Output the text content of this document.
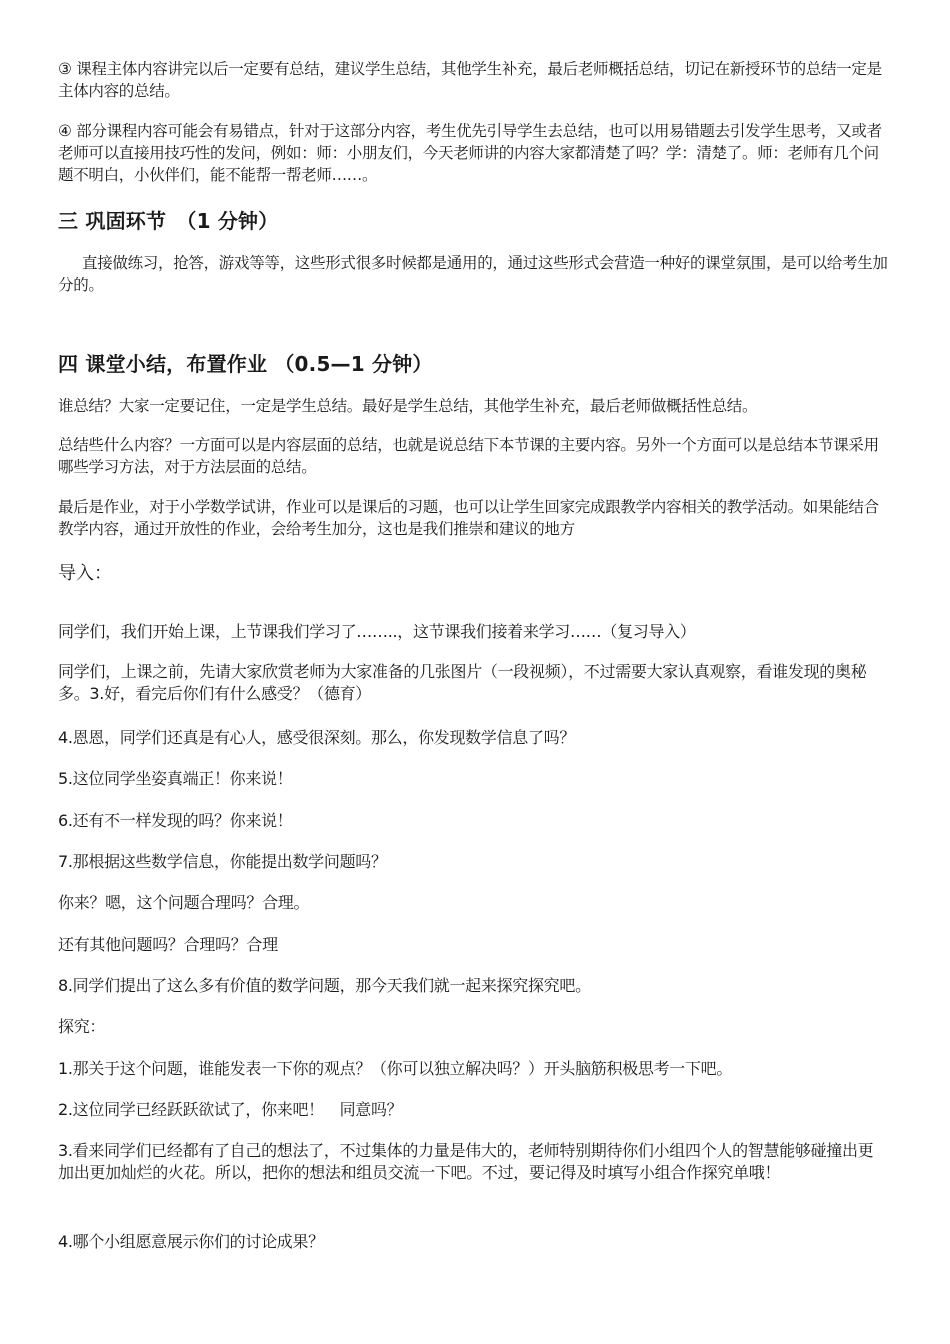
③ 课程主体内容讲完以后一定要有总结，建议学生总结，其他学生补充，最后老师概括总结，切记在新授环节的总结一定是主体内容的总结。

④ 部分课程内容可能会有易错点，针对于这部分内容，考生优先引导学生去总结，也可以用易错题去引发学生思考，又或者老师可以直接用技巧性的发问，例如：师：小朋友们，今天老师讲的内容大家都清楚了吗？学：清楚了。师：老师有几个问题不明白，小伙伴们，能不能帮一帮老师……。

三 巩固环节　（1 分钟）

直接做练习，抢答，游戏等等，这些形式很多时候都是通用的，通过这些形式会营造一种好的课堂氛围，是可以给考生加分的。

四 课堂小结，布置作业 （0.5—1 分钟）

谁总结？大家一定要记住，一定是学生总结。最好是学生总结，其他学生补充，最后老师做概括性总结。

总结些什么内容？一方面可以是内容层面的总结，也就是说总结下本节课的主要内容。另外一个方面可以是总结本节课采用哪些学习方法，对于方法层面的总结。

最后是作业，对于小学数学试讲，作业可以是课后的习题，也可以让学生回家完成跟教学内容相关的教学活动。如果能结合教学内容，通过开放性的作业，会给考生加分，这也是我们推崇和建议的地方

导入：

同学们，我们开始上课，上节课我们学习了……..，这节课我们接着来学习……（复习导入）

同学们，上课之前，先请大家欣赏老师为大家准备的几张图片（一段视频），不过需要大家认真观察，看谁发现的奥秘多。3.好，看完后你们有什么感受？（德育）

4.恩恩，同学们还真是有心人，感受很深刻。那么，你发现数学信息了吗？

5.这位同学坐姿真端正！你来说！

6.还有不一样发现的吗？你来说！

7.那根据这些数学信息，你能提出数学问题吗？

你来？嗯，这个问题合理吗？合理。

还有其他问题吗？合理吗？合理

8.同学们提出了这么多有价值的数学问题，那今天我们就一起来探究探究吧。

探究：

1.那关于这个问题，谁能发表一下你的观点？（你可以独立解决吗？）开头脑筋积极思考一下吧。

2.这位同学已经跃跃欲试了，你来吧！　同意吗？

3.看来同学们已经都有了自己的想法了，不过集体的力量是伟大的，老师特别期待你们小组四个人的智慧能够碰撞出更加出更加灿烂的火花。所以，把你的想法和组员交流一下吧。不过，要记得及时填写小组合作探究单哦！

4.哪个小组愿意展示你们的讨论成果？
